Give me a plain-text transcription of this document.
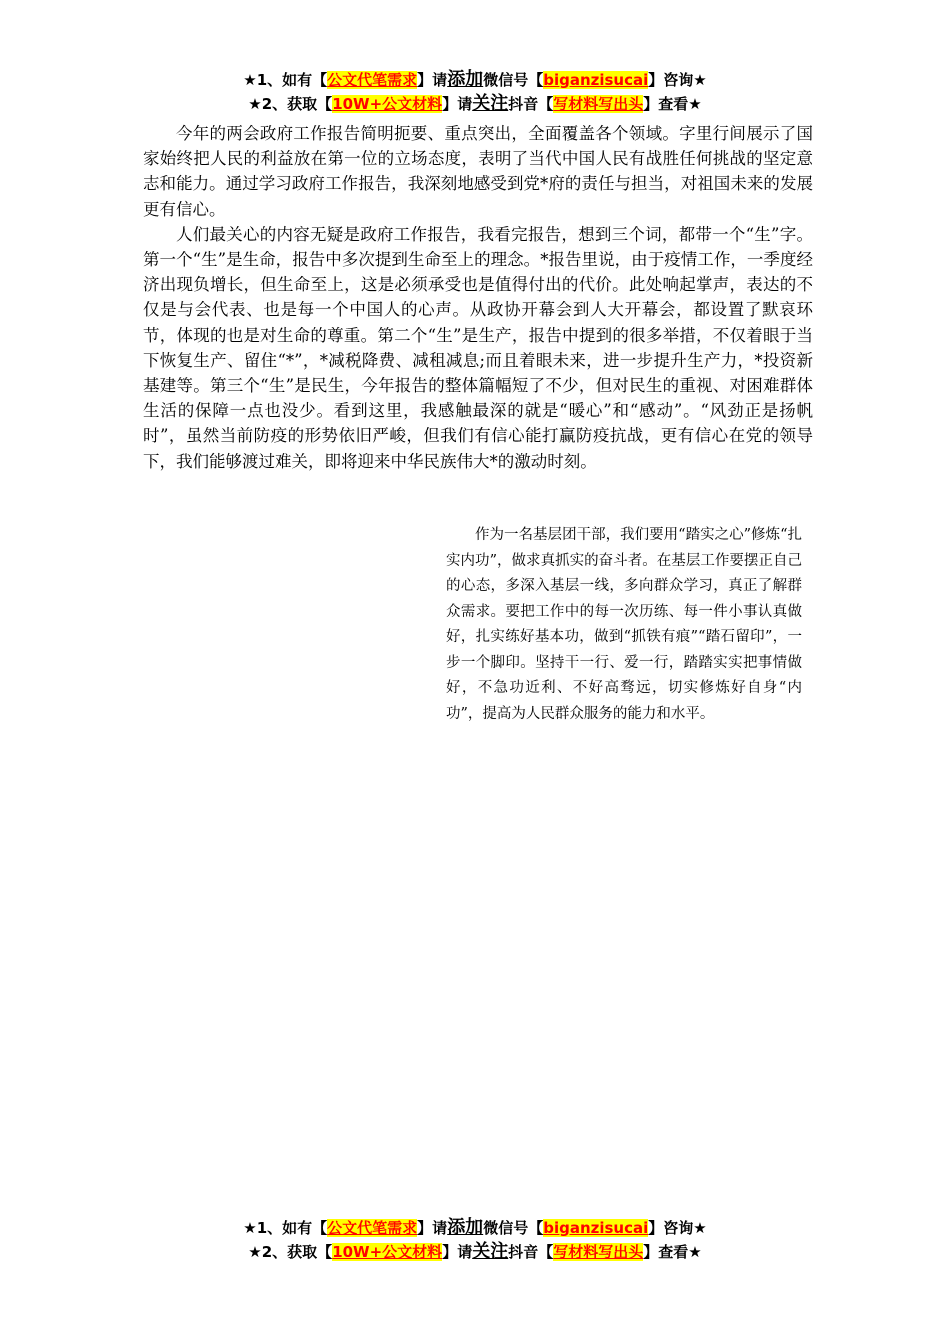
★1、如有【公文代笔需求】请添加微信号【biganzisucai】咨询★
★2、获取【10W+公文材料】请关注抖音【写材料写出头】查看★

今年的两会政府工作报告简明扼要、重点突出，全面覆盖各个领域。字里行间展示了国家始终把人民的利益放在第一位的立场态度，表明了当代中国人民有战胜任何挑战的坚定意志和能力。通过学习政府工作报告，我深刻地感受到党*府的责任与担当，对祖国未来的发展更有信心。

人们最关心的内容无疑是政府工作报告，我看完报告，想到三个词，都带一个“生”字。第一个“生”是生命，报告中多次提到生命至上的理念。*报告里说，由于疫情工作，一季度经济出现负增长，但生命至上，这是必须承受也是值得付出的代价。此处响起掌声，表达的不仅是与会代表、也是每一个中国人的心声。从政协开幕会到人大开幕会，都设置了默哀环节，体现的也是对生命的尊重。第二个“生”是生产，报告中提到的很多举措，不仅着眼于当下恢复生产、留住“*”，*减税降费、减租减息;而且着眼未来，进一步提升生产力，*投资新基建等。第三个“生”是民生，今年报告的整体篇幅短了不少，但对民生的重视、对困难群体生活的保障一点也没少。看到这里，我感触最深的就是“暖心”和“感动”。“风劲正是扬帆时”，虽然当前防疫的形势依旧严峻，但我们有信心能打赢防疫抗战，更有信心在党的领导下，我们能够渡过难关，即将迎来中华民族伟大*的激动时刻。

作为一名基层团干部，我们要用“踏实之心”修炼“扎实内功”，做求真抓实的奋斗者。在基层工作要摆正自己的心态，多深入基层一线，多向群众学习，真正了解群众需求。要把工作中的每一次历练、每一件小事认真做好，扎实练好基本功，做到“抓铁有痕”“踏石留印”，一步一个脚印。坚持干一行、爱一行，踏踏实实把事情做好，不急功近利、不好高骛远，切实修炼好自身“内功”，提高为人民群众服务的能力和水平。

★1、如有【公文代笔需求】请添加微信号【biganzisucai】咨询★
★2、获取【10W+公文材料】请关注抖音【写材料写出头】查看★
